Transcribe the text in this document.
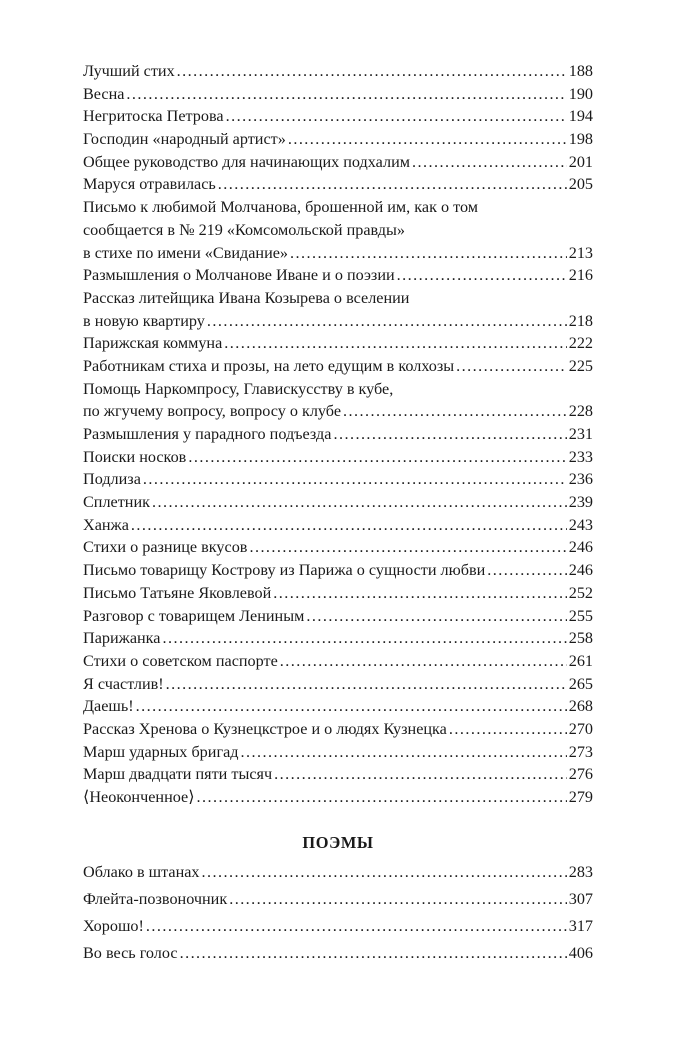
Лучший стих . . .	188
Весна . . .	190
Негритоска Петрова . . .	194
Господин «народный артист» . . .	198
Общее руководство для начинающих подхалим . . .	201
Маруся отравилась . . .	205
Письмо к любимой Молчанова, брошенной им, как о том
сообщается в № 219 «Комсомольской правды»
в стихе по имени «Свидание» . . .	213
Размышления о Молчанове Иване и о поэзии . . .	216
Рассказ литейщика Ивана Козырева о вселении
в новую квартиру . . .	218
Парижская коммуна . . .	222
Работникам стиха и прозы, на лето едущим в колхозы . . .	225
Помощь Наркомпросу, Главискусству в кубе,
по жгучему вопросу, вопросу о клубе . . .	228
Размышления у парадного подъезда . . .	231
Поиски носков . . .	233
Подлиза . . .	236
Сплетник . . .	239
Ханжа . . .	243
Стихи о разнице вкусов . . .	246
Письмо товарищу Кострову из Парижа о сущности любви . . .	246
Письмо Татьяне Яковлевой . . .	252
Разговор с товарищем Лениным . . .	255
Парижанка . . .	258
Стихи о советском паспорте . . .	261
Я счастлив! . . .	265
Даешь! . . .	268
Рассказ Хренова о Кузнецкстрое и о людях Кузнецка . . .	270
Марш ударных бригад . . .	273
Марш двадцати пяти тысяч . . .	276
⟨Неоконченное⟩ . . .	279
ПОЭМЫ
Облако в штанах . . .	283
Флейта-позвоночник . . .	307
Хорошо! . . .	317
Во весь голос . . .	406
